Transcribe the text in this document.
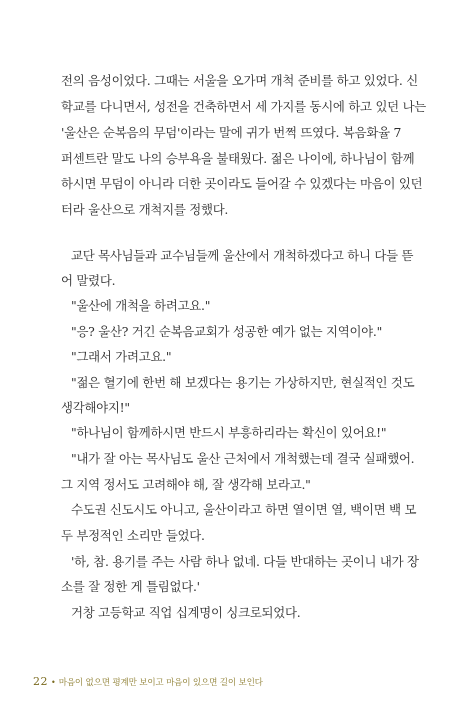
전의 음성이었다. 그때는 서울을 오가며 개척 준비를 하고 있었다. 신
학교를 다니면서, 성전을 건축하면서 세 가지를 동시에 하고 있던 나는
'울산은 순복음의 무덤'이라는 말에 귀가 번쩍 뜨였다. 복음화율 7
퍼센트란 말도 나의 승부욕을 불태웠다. 젊은 나이에, 하나님이 함께
하시면 무덤이 아니라 더한 곳이라도 들어갈 수 있겠다는 마음이 있던
터라 울산으로 개척지를 정했다.
교단 목사님들과 교수님들께 울산에서 개척하겠다고 하니 다들 뜯
어 말렸다.
"울산에 개척을 하려고요."
"응? 울산? 거긴 순복음교회가 성공한 예가 없는 지역이야."
"그래서 가려고요."
"젊은 혈기에 한번 해 보겠다는 용기는 가상하지만, 현실적인 것도
생각해야지!"
"하나님이 함께하시면 반드시 부흥하리라는 확신이 있어요!"
"내가 잘 아는 목사님도 울산 근처에서 개척했는데 결국 실패했어.
그 지역 정서도 고려해야 해, 잘 생각해 보라고."
수도권 신도시도 아니고, 울산이라고 하면 열이면 열, 백이면 백 모
두 부정적인 소리만 들었다.
'하, 참. 용기를 주는 사람 하나 없네. 다들 반대하는 곳이니 내가 장
소를 잘 정한 게 틀림없다.'
거창 고등학교 직업 십계명이 싱크로되었다.
22 • 마음이 없으면 평계만 보이고 마음이 있으면 길이 보인다
